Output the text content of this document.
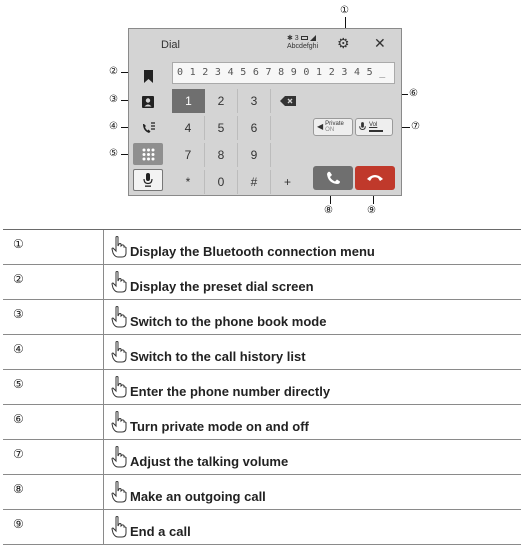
①
②
③
④
⑤
⑥
⑦
⑧	⑨
Dial
✱ 3
Abcdefghi ⚙ ✕
0 1 2 3 4 5 6 7 8 9 0 1 2 3 4 5 _
1	2	3
4	5	6
7	8	9
*	0	#	+
◀ Private
ON
Vol
①	Display the Bluetooth connection menu
②	Display the preset dial screen
③	Switch to the phone book mode
④	Switch to the call history list
⑤	Enter the phone number directly
⑥	Turn private mode on and off
⑦	Adjust the talking volume
⑧	Make an outgoing call
⑨	End a call
